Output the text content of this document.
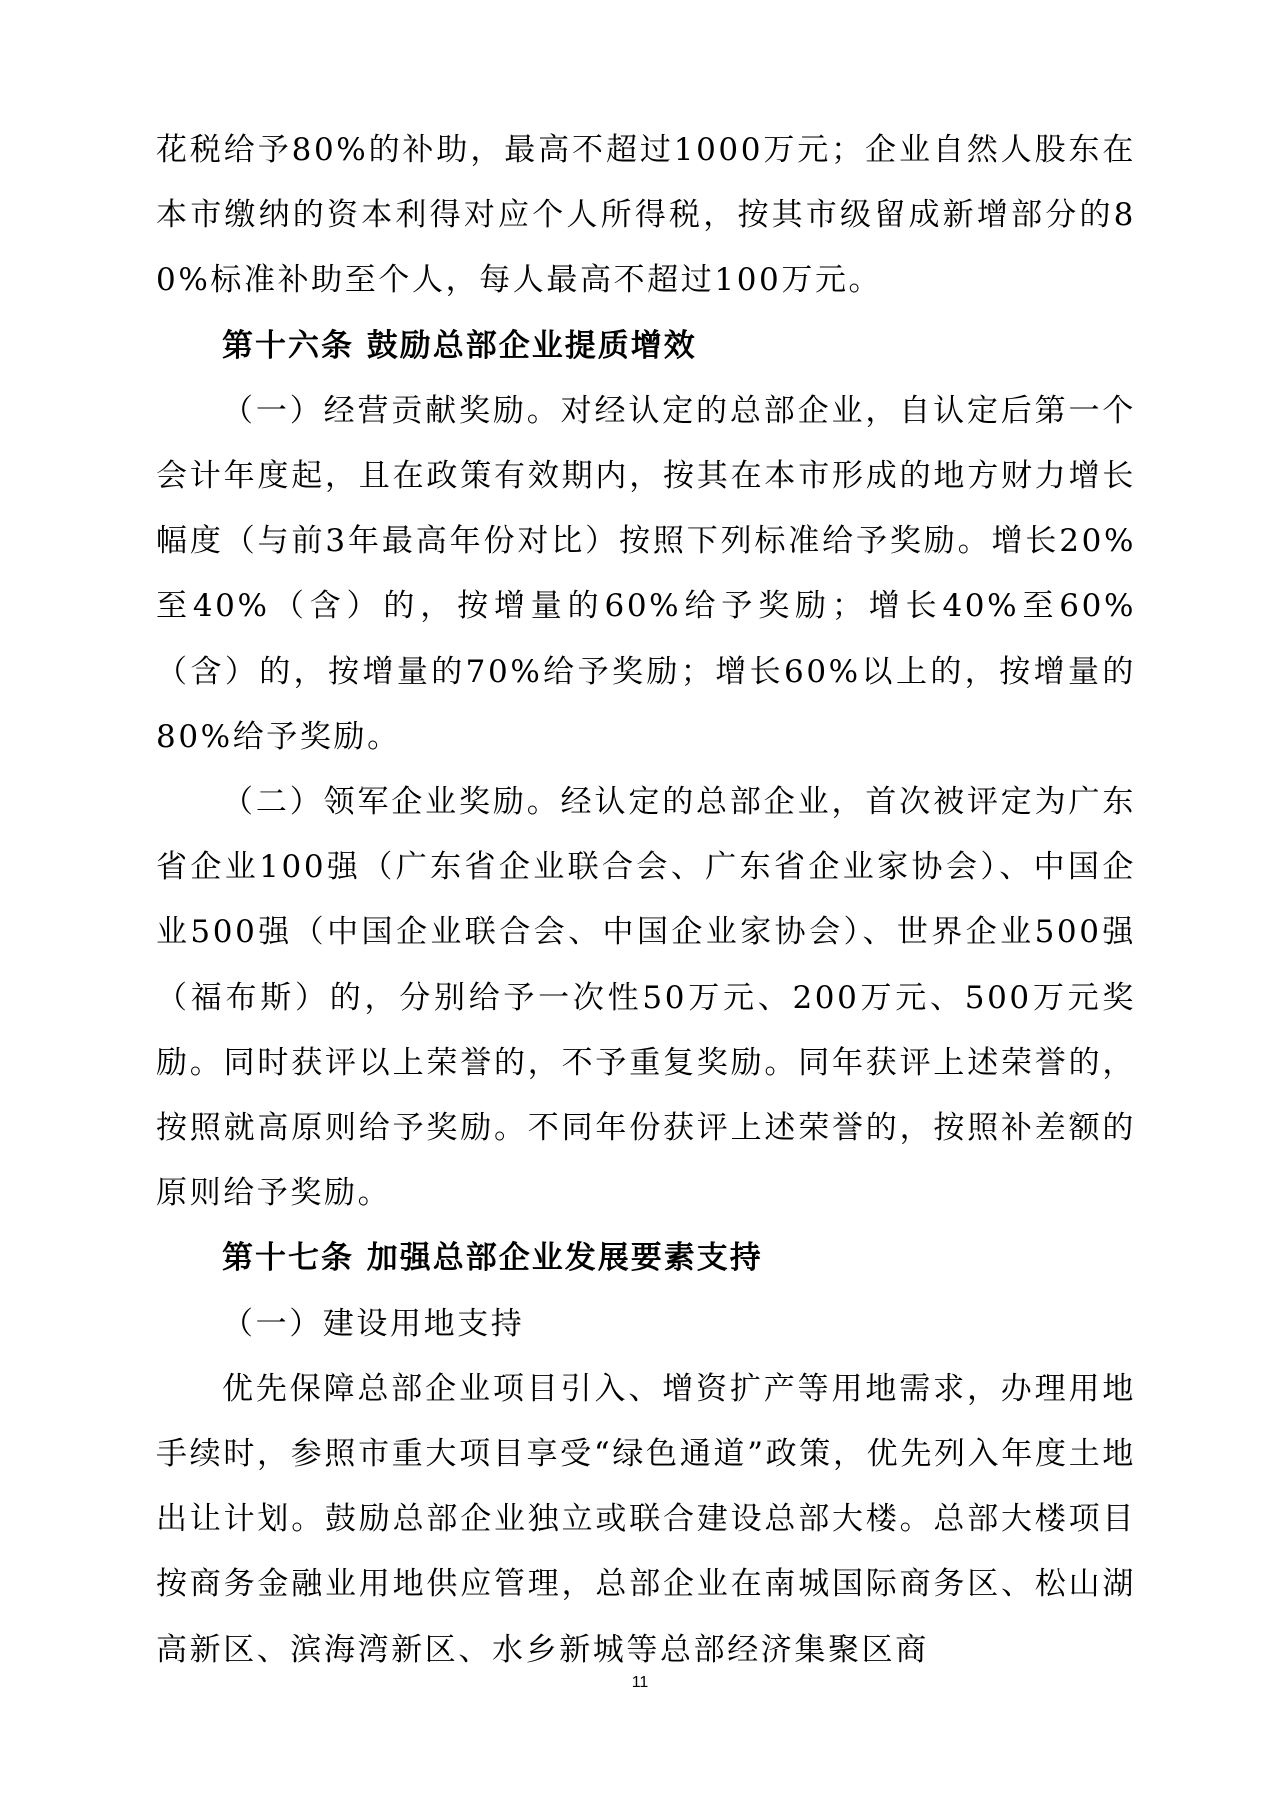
花税给予80%的补助，最高不超过1000万元；企业自然人股东在本市缴纳的资本利得对应个人所得税，按其市级留成新增部分的80%标准补助至个人，每人最高不超过100万元。

第十六条 鼓励总部企业提质增效

（一）经营贡献奖励。对经认定的总部企业，自认定后第一个会计年度起，且在政策有效期内，按其在本市形成的地方财力增长幅度（与前3年最高年份对比）按照下列标准给予奖励。增长20%至40%（含）的，按增量的60%给予奖励；增长40%至60%（含）的，按增量的70%给予奖励；增长60%以上的，按增量的80%给予奖励。

（二）领军企业奖励。经认定的总部企业，首次被评定为广东省企业100强（广东省企业联合会、广东省企业家协会）、中国企业500强（中国企业联合会、中国企业家协会）、世界企业500强（福布斯）的，分别给予一次性50万元、200万元、500万元奖励。同时获评以上荣誉的，不予重复奖励。同年获评上述荣誉的，按照就高原则给予奖励。不同年份获评上述荣誉的，按照补差额的原则给予奖励。

第十七条 加强总部企业发展要素支持

（一）建设用地支持

优先保障总部企业项目引入、增资扩产等用地需求，办理用地手续时，参照市重大项目享受“绿色通道”政策，优先列入年度土地出让计划。鼓励总部企业独立或联合建设总部大楼。总部大楼项目按商务金融业用地供应管理，总部企业在南城国际商务区、松山湖高新区、滨海湾新区、水乡新城等总部经济集聚区商

11
